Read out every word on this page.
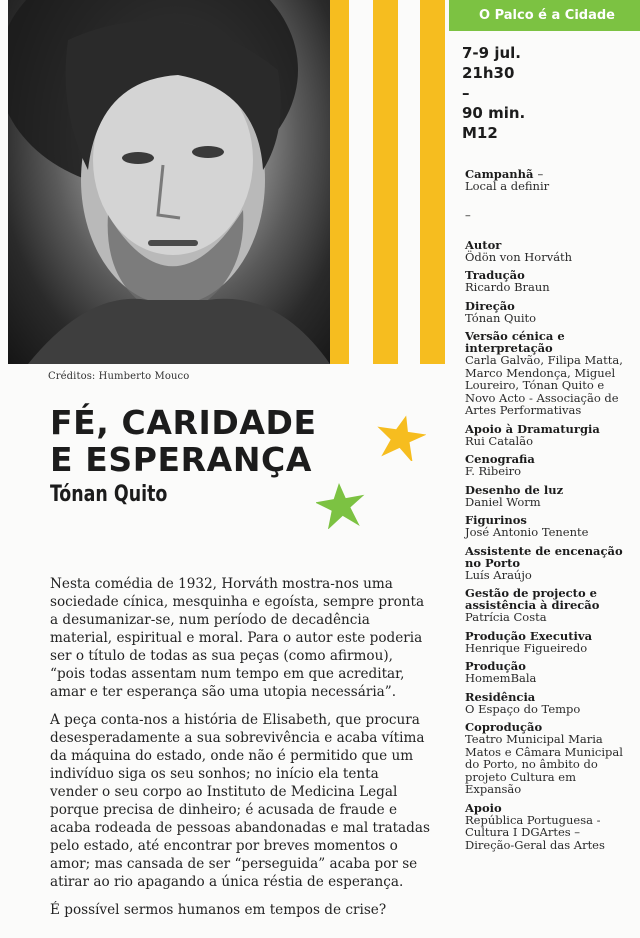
Créditos: Humberto Mouco
FÉ, CARIDADE
E ESPERANÇA
Tónan Quito

Nesta comédia de 1932, Horváth mostra-nos uma sociedade cínica, mesquinha e egoísta, sempre pronta a desumanizar-se, num período de decadência material, espiritual e moral. Para o autor este poderia ser o título de todas as sua peças (como afirmou), “pois todas assentam num tempo em que acreditar, amar e ter esperança são uma utopia necessária”.

A peça conta-nos a história de Elisabeth, que procura desesperadamente a sua sobrevivência e acaba vítima da máquina do estado, onde não é permitido que um indivíduo siga os seu sonhos; no início ela tenta vender o seu corpo ao Instituto de Medicina Legal porque precisa de dinheiro; é acusada de fraude e acaba rodeada de pessoas abandonadas e mal tratadas pelo estado, até encontrar por breves momentos o amor; mas cansada de ser “perseguida” acaba por se atirar ao rio apagando a única réstia de esperança.

É possível sermos humanos em tempos de crise?

O Palco é a Cidade
7-9 jul.
21h30
–
90 min.
M12
Campanhã –
Local a definir
–
Autor
Ödön von Horváth
Tradução
Ricardo Braun
Direção
Tónan Quito
Versão cénica e interpretação
Carla Galvão, Filipa Matta, Marco Mendonça, Miguel Loureiro, Tónan Quito e Novo Acto - Associação de Artes Performativas
Apoio à Dramaturgia
Rui Catalão
Cenografia
F. Ribeiro
Desenho de luz
Daniel Worm
Figurinos
José Antonio Tenente
Assistente de encenação no Porto
Luís Araújo
Gestão de projecto e assistência à direcão
Patrícia Costa
Produção Executiva
Henrique Figueiredo
Produção
HomemBala
Residência
O Espaço do Tempo
Coprodução
Teatro Municipal Maria Matos e Câmara Municipal do Porto, no âmbito do projeto Cultura em Expansão
Apoio
República Portuguesa - Cultura I DGArtes – Direção-Geral das Artes
